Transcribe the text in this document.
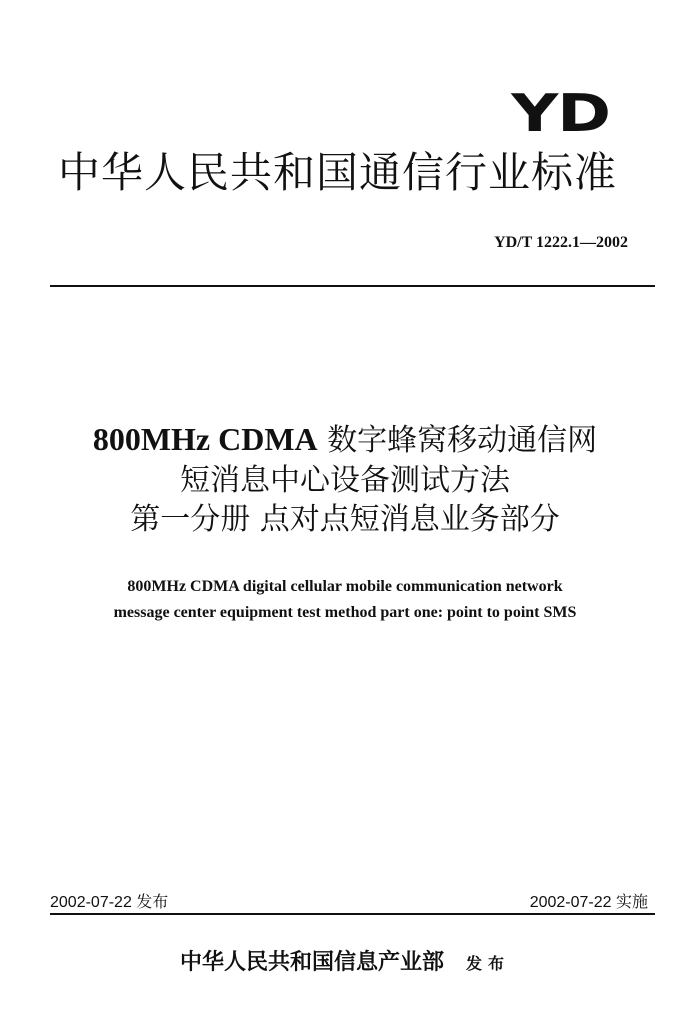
YD
中华人民共和国通信行业标准
YD/T 1222.1—2002
800MHz CDMA 数字蜂窝移动通信网
短消息中心设备测试方法
第一分册 点对点短消息业务部分
800MHz CDMA digital cellular mobile communication network
message center equipment test method part one: point to point SMS
2002-07-22 发布	2002-07-22 实施
中华人民共和国信息产业部 发布
